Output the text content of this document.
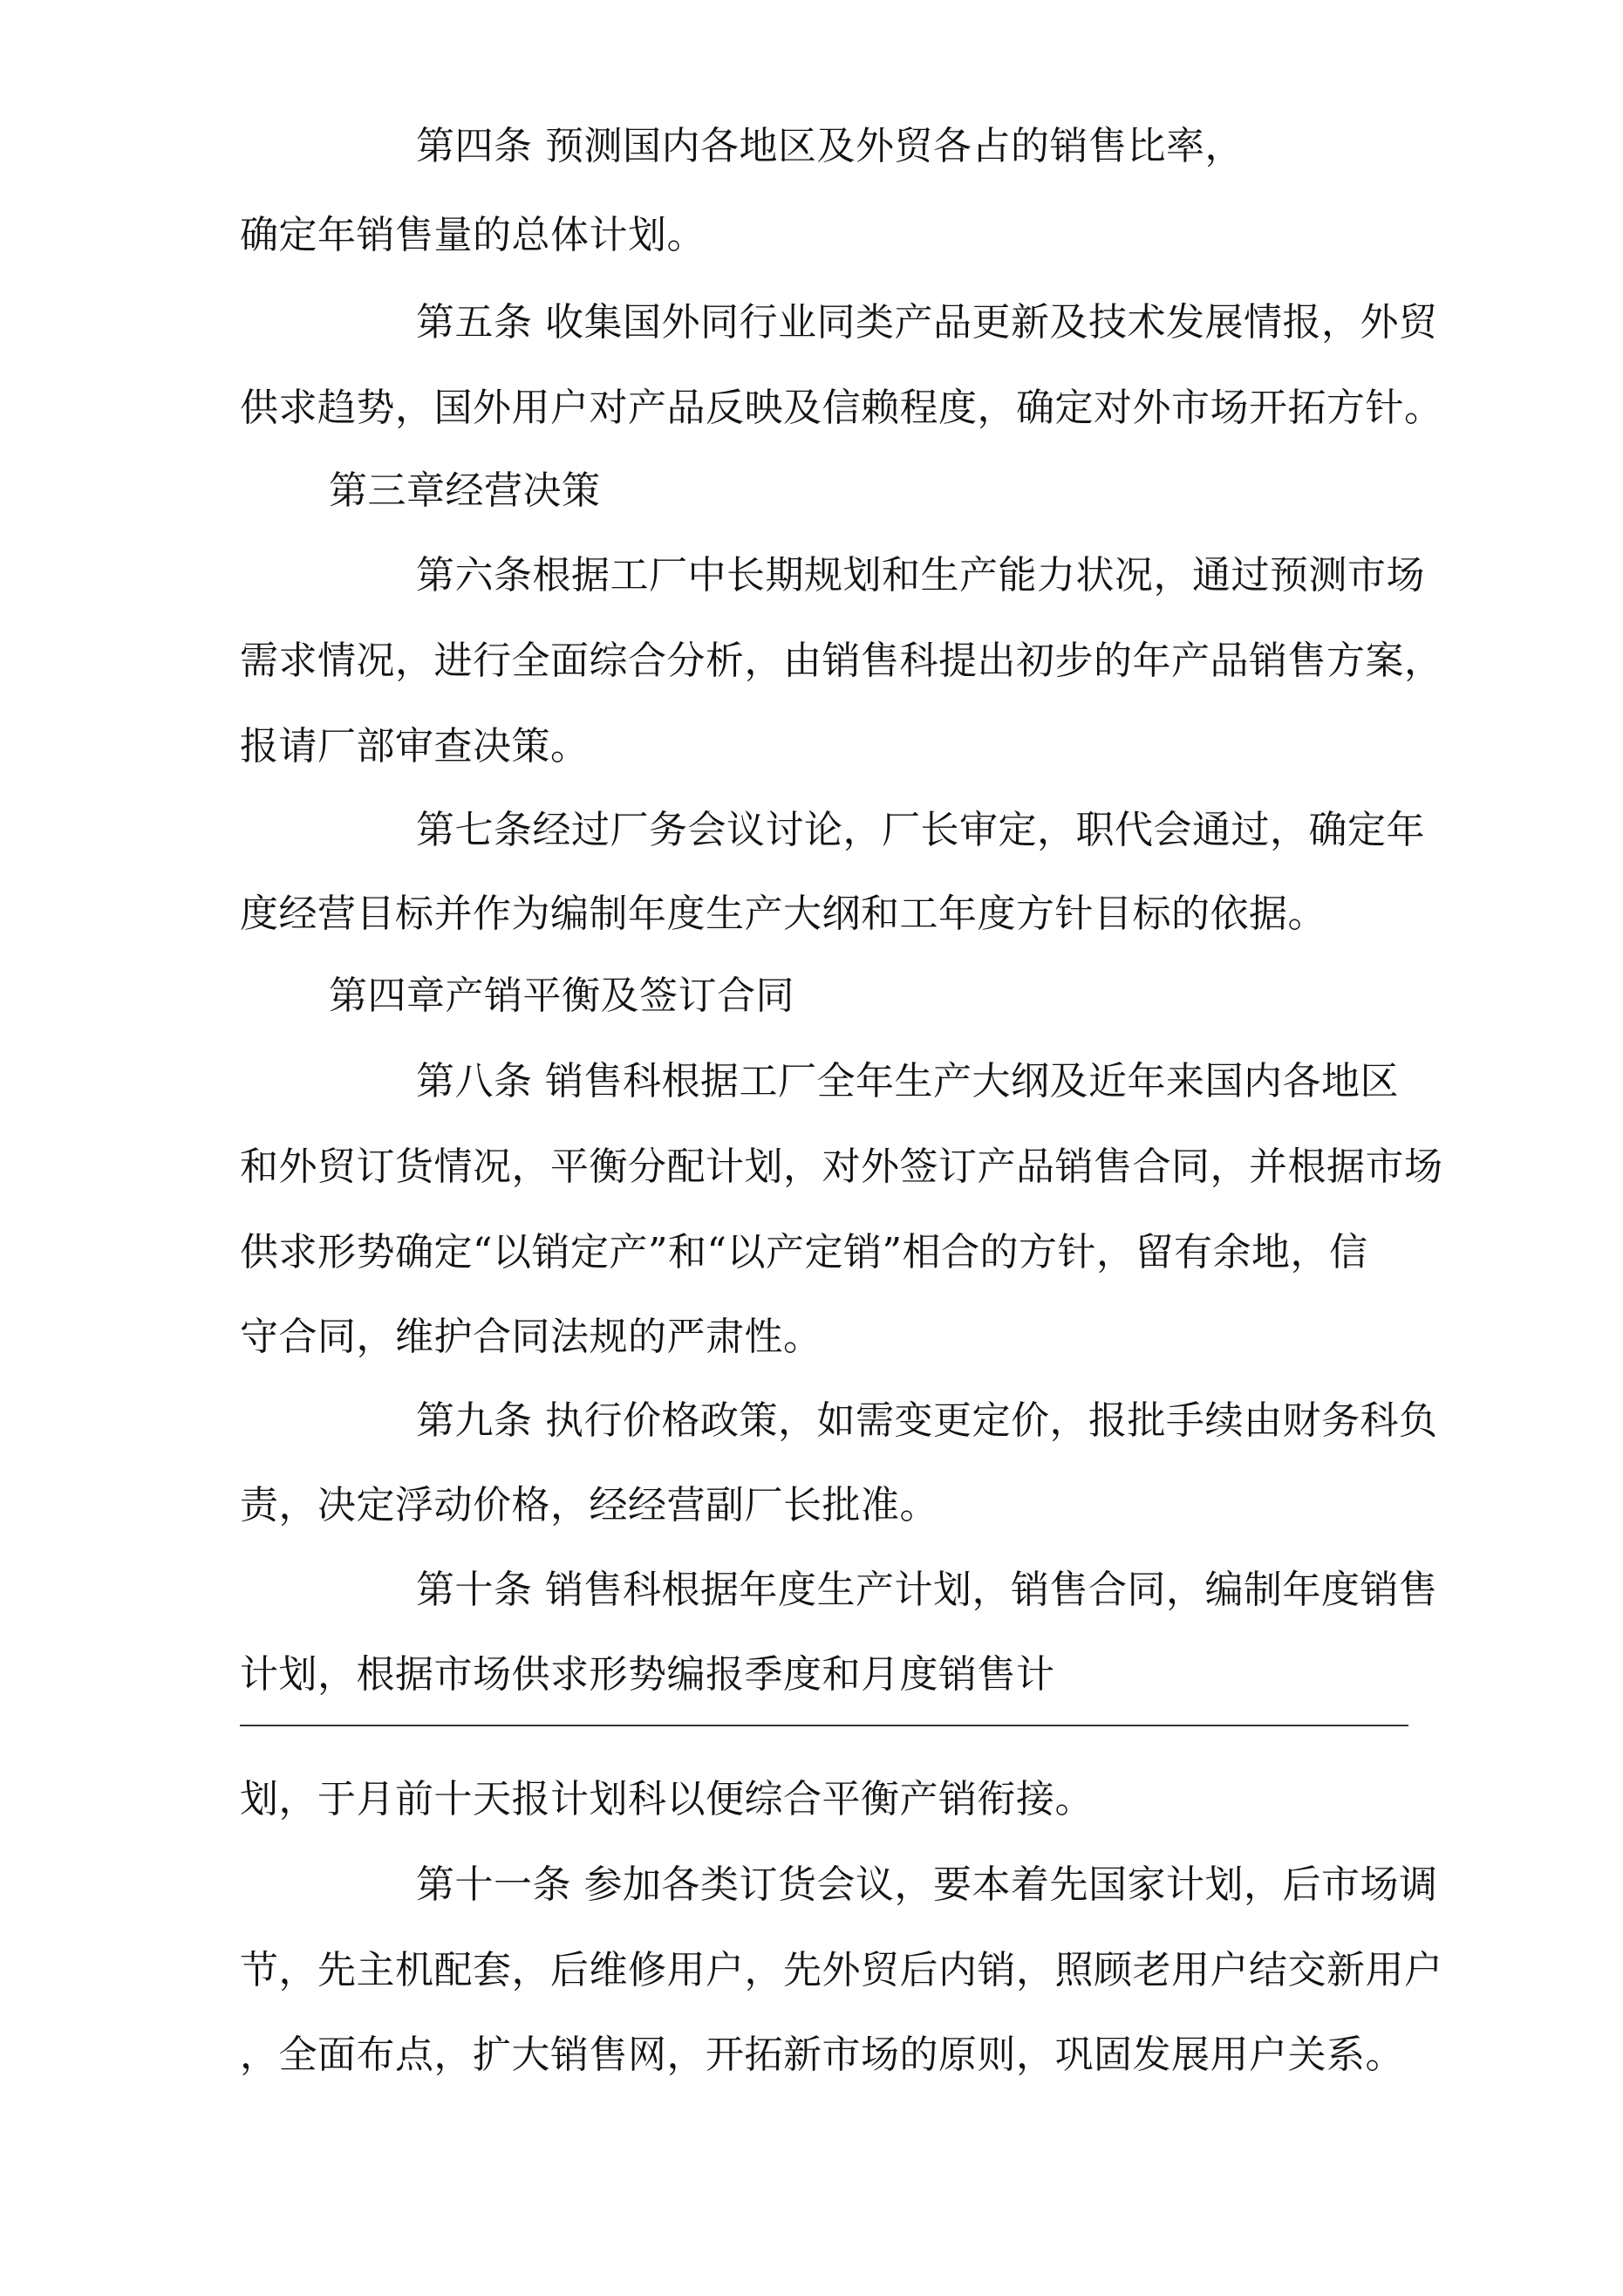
第四条 预测国内各地区及外贸各占的销售比率，
确定年销售量的总体计划。
第五条 收集国外同行业同类产品更新及技术发展情报，外贸
供求趋势，国外用户对产品反映及信赖程度，确定对外市场开拓方针。
第三章经营决策
第六条根据工厂中长期规划和生产能力状况，通过预测市场
需求情况，进行全面综合分析，由销售科提出初步的年产品销售方案，
报请厂部审查决策。
第七条经过厂务会议讨论，厂长审定，职代会通过，确定年
度经营目标并作为编制年度生产大纲和工年度方针目标的依据。
第四章产销平衡及签订合同
第八条 销售科根据工厂全年生产大纲及近年来国内各地区
和外贸订货情况，平衡分配计划，对外签订产品销售合同，并根据市场
供求形势确定“以销定产”和“以产定销”相合的方针，留有余地，信
守合同，维护合同法规的严肃性。
第九条 执行价格政策，如需变更定价，报批手续由财务科负
责，决定浮动价格，经经营副厂长批准。
第十条 销售科根据年度生产计划，销售合同，编制年度销售
计划，根据市场供求形势编报季度和月度销售计
划，于月前十天报计划科以便综合平衡产销衔接。
第十一条 参加各类订货会议，要本着先国家计划，后市场调
节，先主机配套，后维修用户，先外贸后内销，照顾老用户结交新用户
，全面布点，扩大销售网，开拓新市场的原则，巩固发展用户关系。
